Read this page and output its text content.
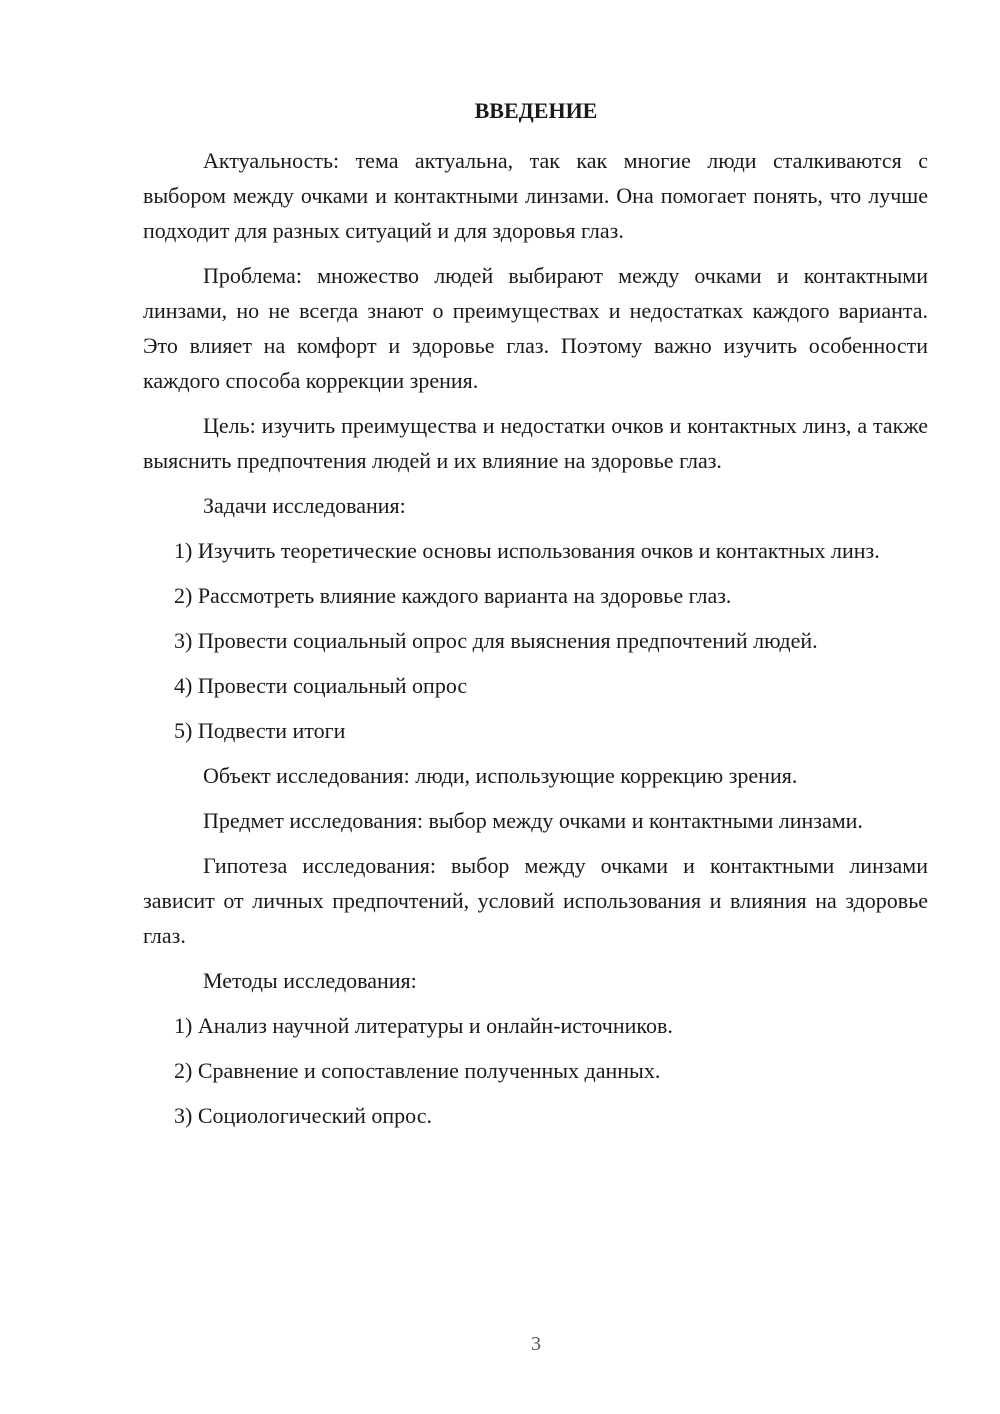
ВВЕДЕНИЕ

Актуальность: тема актуальна, так как многие люди сталкиваются с выбором между очками и контактными линзами. Она помогает понять, что лучше подходит для разных ситуаций и для здоровья глаз.

Проблема: множество людей выбирают между очками и контактными линзами, но не всегда знают о преимуществах и недостатках каждого варианта. Это влияет на комфорт и здоровье глаз. Поэтому важно изучить особенности каждого способа коррекции зрения.

Цель: изучить преимущества и недостатки очков и контактных линз, а также выяснить предпочтения людей и их влияние на здоровье глаз.

Задачи исследования:

1) Изучить теоретические основы использования очков и контактных линз.

2) Рассмотреть влияние каждого варианта на здоровье глаз.

3) Провести социальный опрос для выяснения предпочтений людей.

4) Провести социальный опрос

5) Подвести итоги

Объект исследования: люди, использующие коррекцию зрения.

Предмет исследования: выбор между очками и контактными линзами.

Гипотеза исследования: выбор между очками и контактными линзами зависит от личных предпочтений, условий использования и влияния на здоровье глаз.

Методы исследования:

1) Анализ научной литературы и онлайн-источников.

2) Сравнение и сопоставление полученных данных.

3) Социологический опрос.

3
